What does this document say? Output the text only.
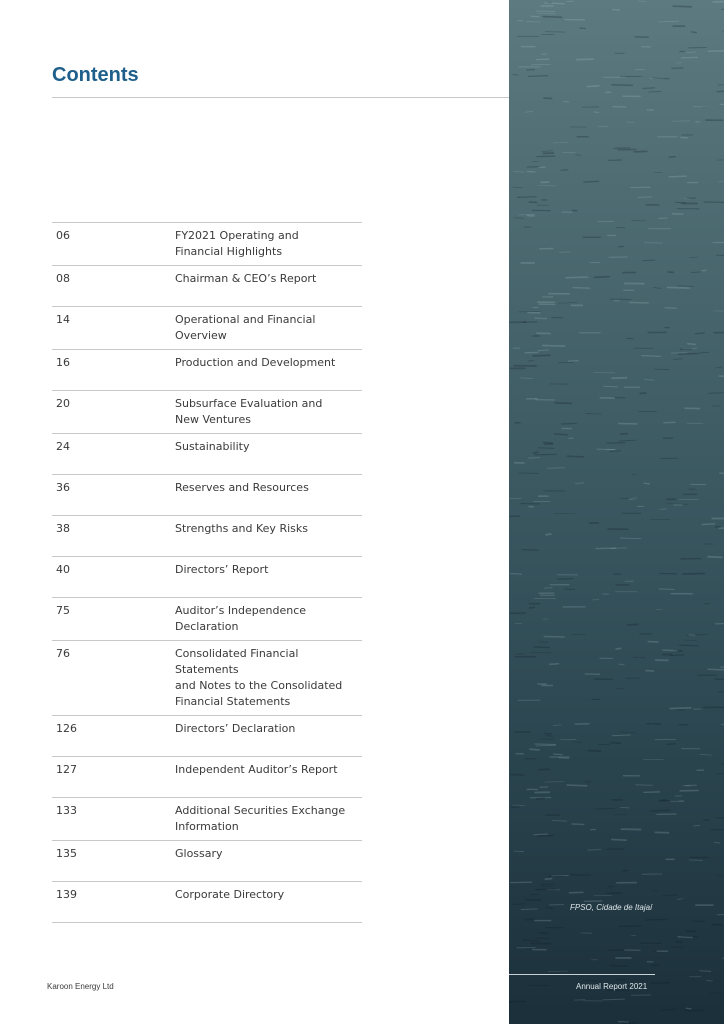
Contents
06	FY2021 Operating and
Financial Highlights
08	Chairman & CEO’s Report
14	Operational and Financial Overview
16	Production and Development
20	Subsurface Evaluation and
New Ventures
24	Sustainability
36	Reserves and Resources
38	Strengths and Key Risks
40	Directors’ Report
75	Auditor’s Independence
Declaration
76	Consolidated Financial Statements
and Notes to the Consolidated
Financial Statements
126	Directors’ Declaration
127	Independent Auditor’s Report
133	Additional Securities Exchange
Information
135	Glossary
139	Corporate Directory
FPSO, Cidade de Itajaí
Karoon Energy Ltd	Annual Report 2021
